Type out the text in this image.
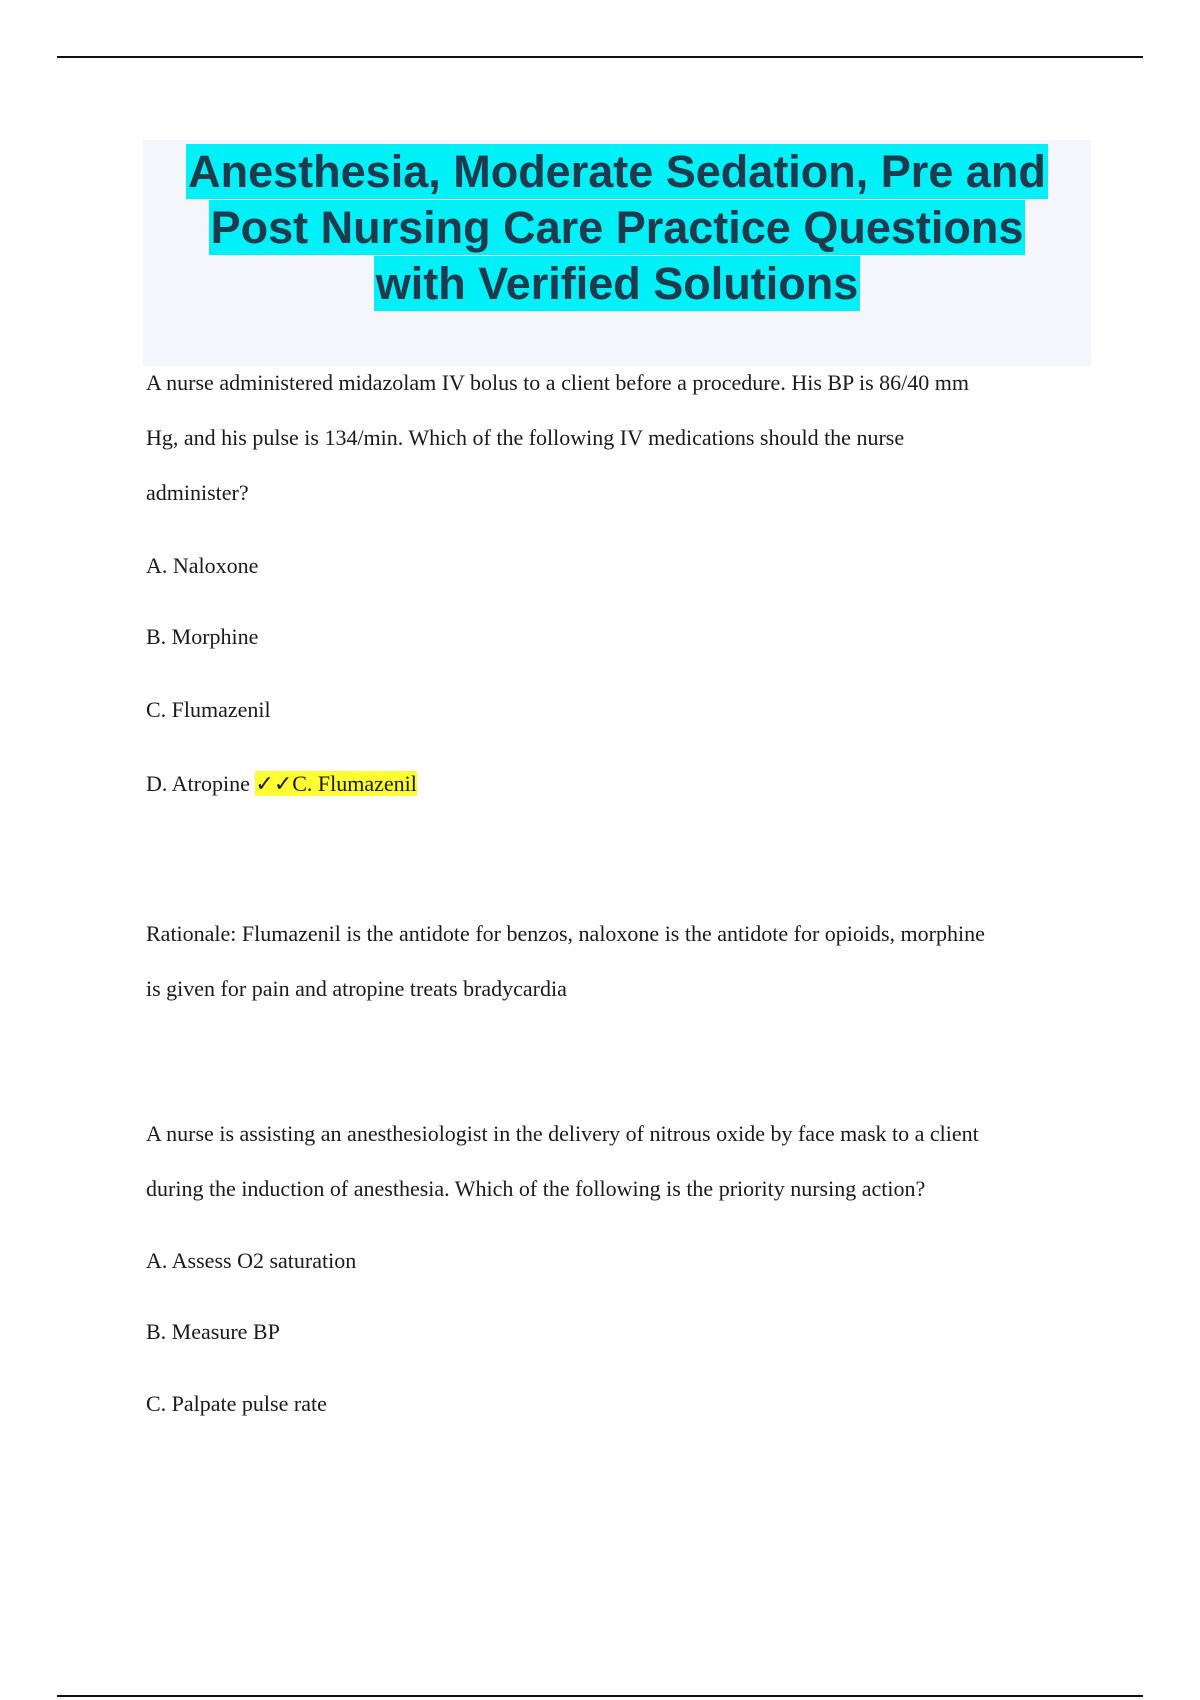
Anesthesia, Moderate Sedation, Pre and
Post Nursing Care Practice Questions
with Verified Solutions
A nurse administered midazolam IV bolus to a client before a procedure. His BP is 86/40 mm
Hg, and his pulse is 134/min. Which of the following IV medications should the nurse
administer?
A. Naloxone
B. Morphine
C. Flumazenil
D. Atropine ✓✓C. Flumazenil
Rationale: Flumazenil is the antidote for benzos, naloxone is the antidote for opioids, morphine
is given for pain and atropine treats bradycardia
A nurse is assisting an anesthesiologist in the delivery of nitrous oxide by face mask to a client
during the induction of anesthesia. Which of the following is the priority nursing action?
A. Assess O2 saturation
B. Measure BP
C. Palpate pulse rate
